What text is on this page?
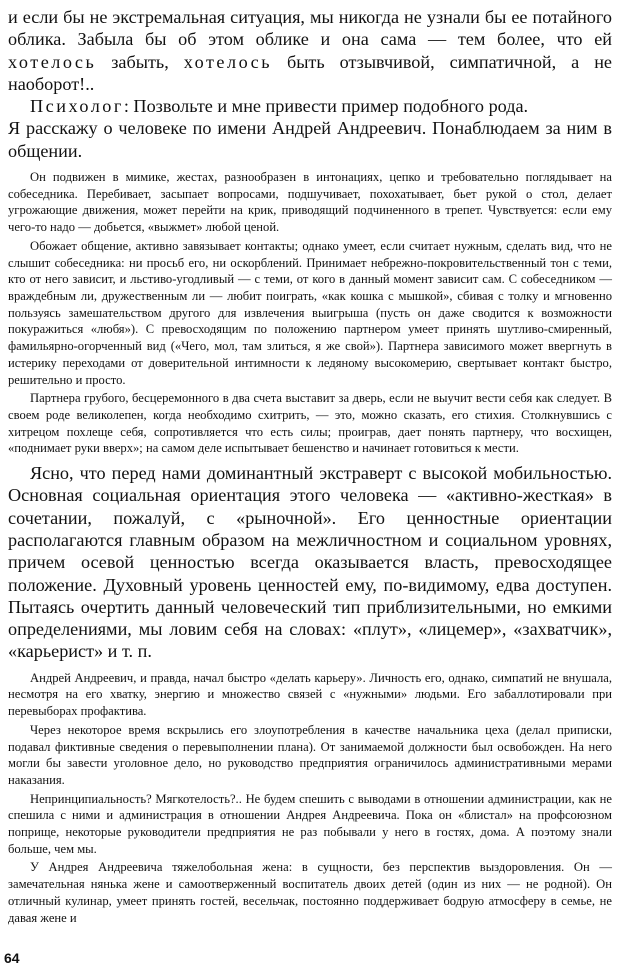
и если бы не экстремальная ситуация, мы никогда не узнали бы ее потайного облика. Забыла бы об этом облике и она сама — тем более, что ей хотелось забыть, хотелось быть отзывчивой, симпатичной, а не наоборот!..

Психолог: Позвольте и мне привести пример подобного рода.

Я расскажу о человеке по имени Андрей Андреевич. Понаблюдаем за ним в общении.

Он подвижен в мимике, жестах, разнообразен в интонациях, цепко и требовательно поглядывает на собеседника. Перебивает, засыпает вопросами, подшучивает, похохатывает, бьет рукой о стол, делает угрожающие движения, может перейти на крик, приводящий подчиненного в трепет. Чувствуется: если ему чего-то надо — добьется, «выжмет» любой ценой.

Обожает общение, активно завязывает контакты; однако умеет, если считает нужным, сделать вид, что не слышит собеседника: ни просьб его, ни оскорблений. Принимает небрежно-покровительственный тон с теми, кто от него зависит, и льстиво-угодливый — с теми, от кого в данный момент зависит сам. С собеседником — враждебным ли, дружественным ли — любит поиграть, «как кошка с мышкой», сбивая с толку и мгновенно пользуясь замешательством другого для извлечения выигрыша (пусть он даже сводится к возможности покуражиться «любя»). С превосходящим по положению партнером умеет принять шутливо-смиренный, фамильярно-огорченный вид («Чего, мол, там злиться, я же свой»). Партнера зависимого может ввергнуть в истерику переходами от доверительной интимности к ледяному высокомерию, свертывает контакт быстро, решительно и просто.

Партнера грубого, бесцеремонного в два счета выставит за дверь, если не выучит вести себя как следует. В своем роде великолепен, когда необходимо схитрить, — это, можно сказать, его стихия. Столкнувшись с хитрецом похлеще себя, сопротивляется что есть силы; проиграв, дает понять партнеру, что восхищен, «поднимает руки вверх»; на самом деле испытывает бешенство и начинает готовиться к мести.

Ясно, что перед нами доминантный экстраверт с высокой мобильностью. Основная социальная ориентация этого человека — «активно-жесткая» в сочетании, пожалуй, с «рыночной». Его ценностные ориентации располагаются главным образом на межличностном и социальном уровнях, причем осевой ценностью всегда оказывается власть, превосходящее положение. Духовный уровень ценностей ему, по-видимому, едва доступен. Пытаясь очертить данный человеческий тип приблизительными, но емкими определениями, мы ловим себя на словах: «плут», «лицемер», «захватчик», «карьерист» и т. п.

Андрей Андреевич, и правда, начал быстро «делать карьеру». Личность его, однако, симпатий не внушала, несмотря на его хватку, энергию и множество связей с «нужными» людьми. Его забаллотировали при перевыборах профактива.

Через некоторое время вскрылись его злоупотребления в качестве начальника цеха (делал приписки, подавал фиктивные сведения о перевыполнении плана). От занимаемой должности был освобожден. На него могли бы завести уголовное дело, но руководство предприятия ограничилось административными мерами наказания.

Непринципиальность? Мягкотелость?.. Не будем спешить с выводами в отношении администрации, как не спешила с ними и администрация в отношении Андрея Андреевича. Пока он «блистал» на профсоюзном поприще, некоторые руководители предприятия не раз побывали у него в гостях, дома. А поэтому знали больше, чем мы.

У Андрея Андреевича тяжелобольная жена: в сущности, без перспектив выздоровления. Он — замечательная нянька жене и самоотверженный воспитатель двоих детей (один из них — не родной). Он отличный кулинар, умеет принять гостей, весельчак, постоянно поддерживает бодрую атмосферу в семье, не давая жене и

64
